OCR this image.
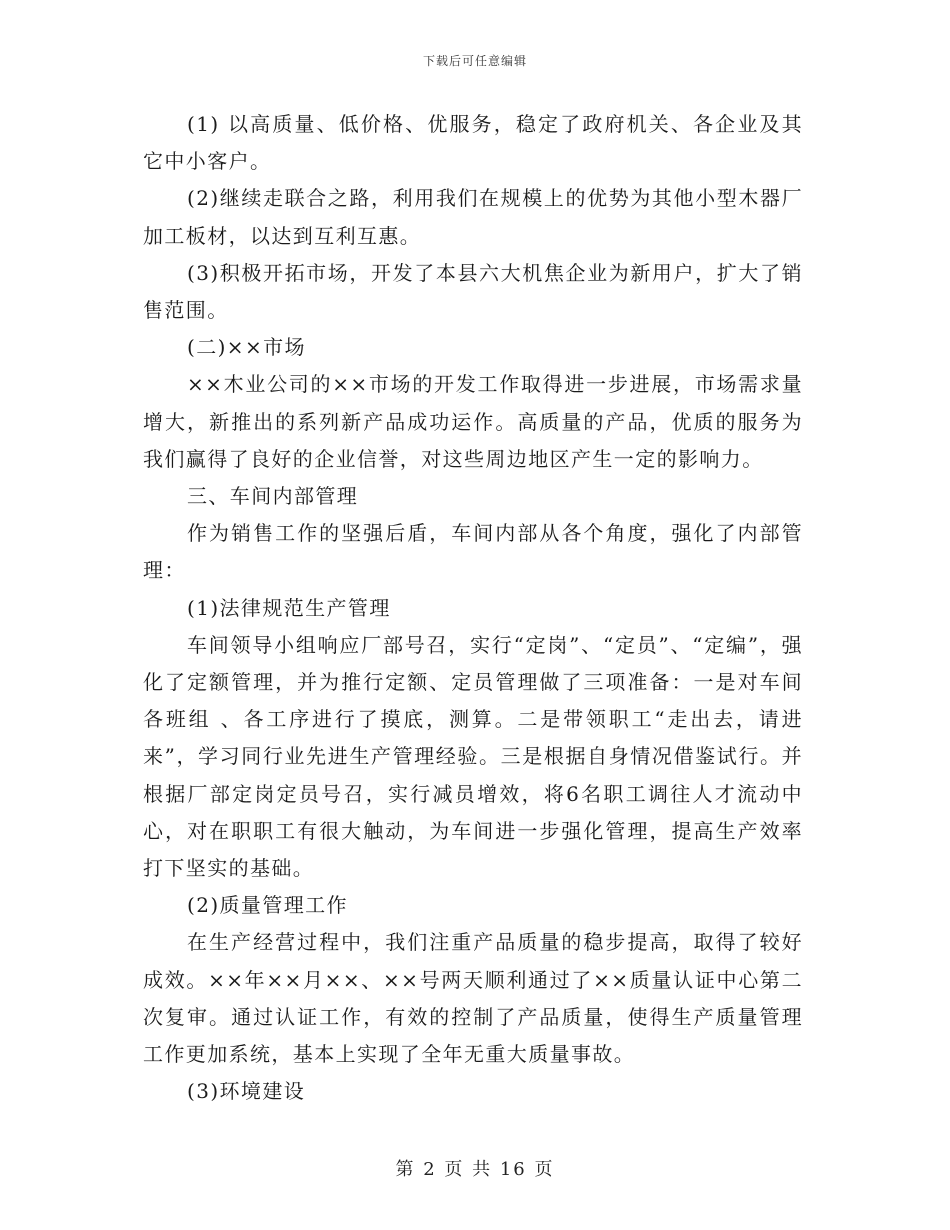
下载后可任意编辑

(1) 以高质量、低价格、优服务，稳定了政府机关、各企业及其它中小客户。

(2)继续走联合之路，利用我们在规模上的优势为其他小型木器厂加工板材，以达到互利互惠。

(3)积极开拓市场，开发了本县六大机焦企业为新用户，扩大了销售范围。

(二)××市场

××木业公司的××市场的开发工作取得进一步进展，市场需求量增大，新推出的系列新产品成功运作。高质量的产品，优质的服务为我们赢得了良好的企业信誉，对这些周边地区产生一定的影响力。

三、车间内部管理

作为销售工作的坚强后盾，车间内部从各个角度，强化了内部管理：

(1)法律规范生产管理

车间领导小组响应厂部号召，实行“定岗”、“定员”、“定编”，强化了定额管理，并为推行定额、定员管理做了三项准备：一是对车间各班组 、各工序进行了摸底，测算。二是带领职工“走出去，请进来”，学习同行业先进生产管理经验。三是根据自身情况借鉴试行。并根据厂部定岗定员号召，实行减员增效，将6名职工调往人才流动中心，对在职职工有很大触动，为车间进一步强化管理，提高生产效率打下坚实的基础。

(2)质量管理工作

在生产经营过程中，我们注重产品质量的稳步提高，取得了较好成效。××年××月××、××号两天顺利通过了××质量认证中心第二次复审。通过认证工作，有效的控制了产品质量，使得生产质量管理工作更加系统，基本上实现了全年无重大质量事故。

(3)环境建设

第 2 页 共 16 页
